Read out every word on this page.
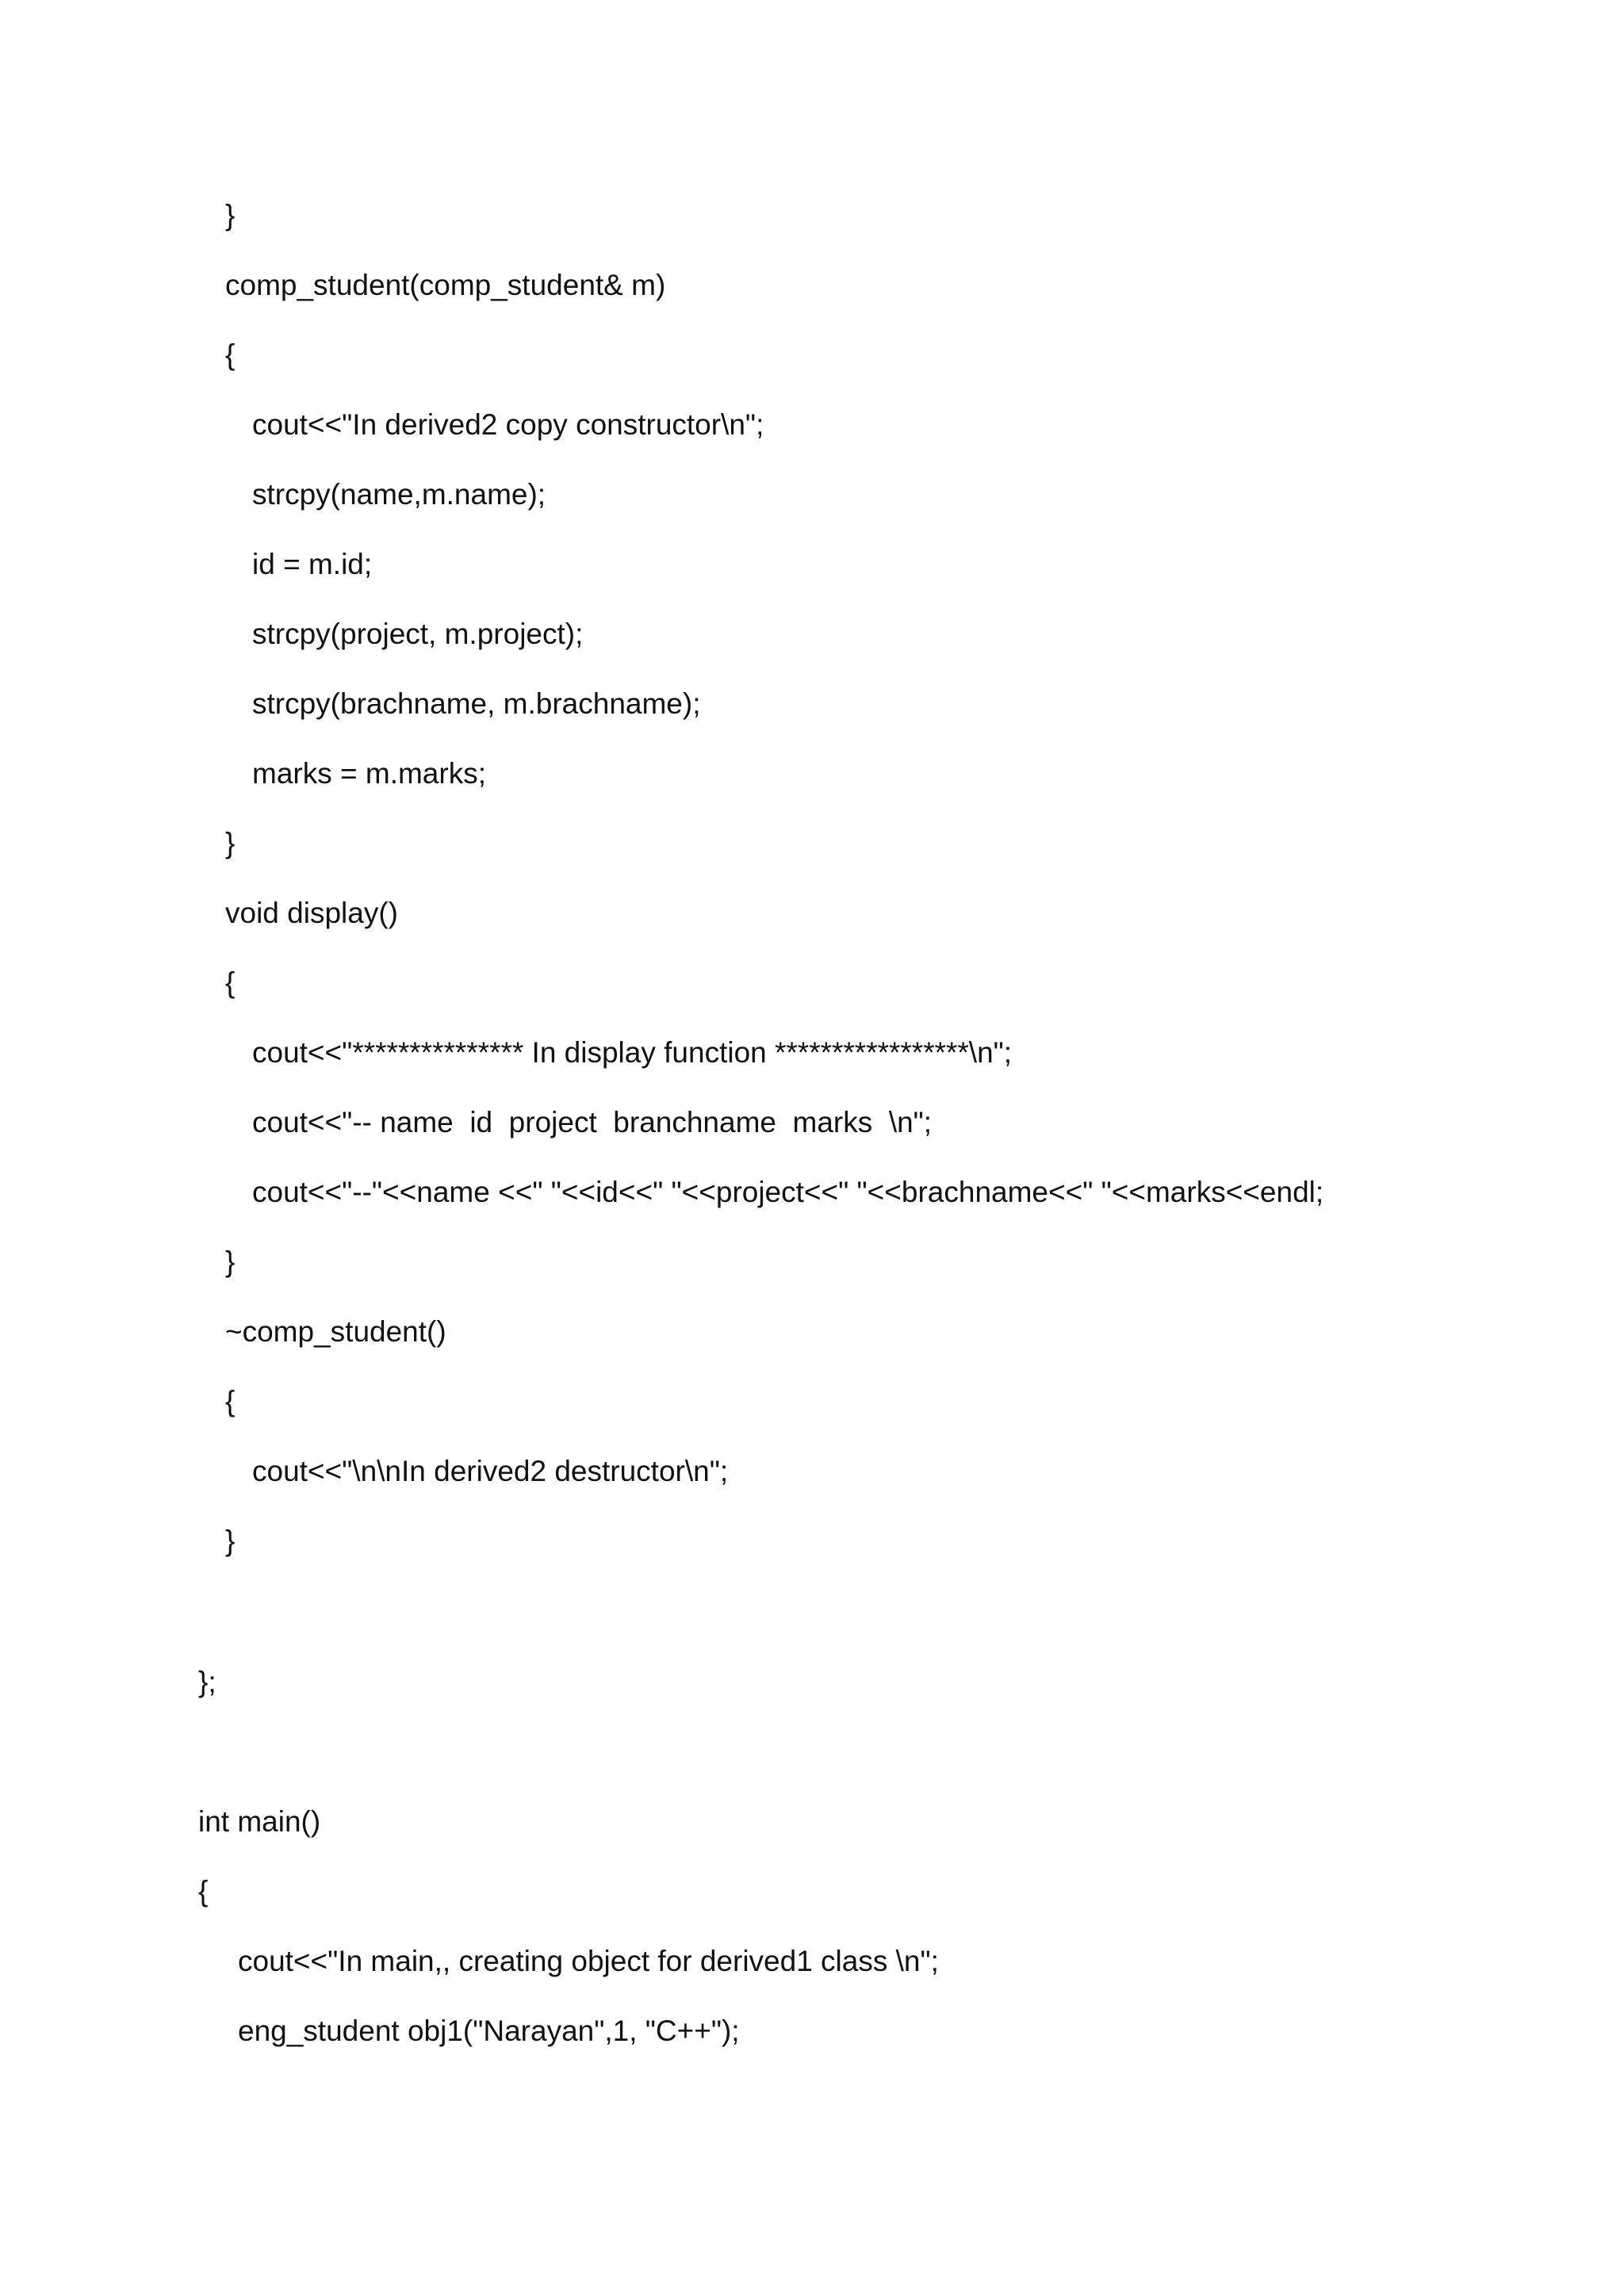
}
comp_student(comp_student& m)
{
cout<<"In derived2 copy constructor\n";
strcpy(name,m.name);
id = m.id;
strcpy(project, m.project);
strcpy(brachname, m.brachname);
marks = m.marks;
}
void display()
{
cout<<"*************** In display function *****************\n";
cout<<"-- name  id  project  branchname  marks  \n";
cout<<"--"<<name <<" "<<id<<" "<<project<<" "<<brachname<<" "<<marks<<endl;
}
~comp_student()
{
cout<<"\n\nIn derived2 destructor\n";
}
};
int main()
{
cout<<"In main,, creating object for derived1 class \n";
eng_student obj1("Narayan",1, "C++");
